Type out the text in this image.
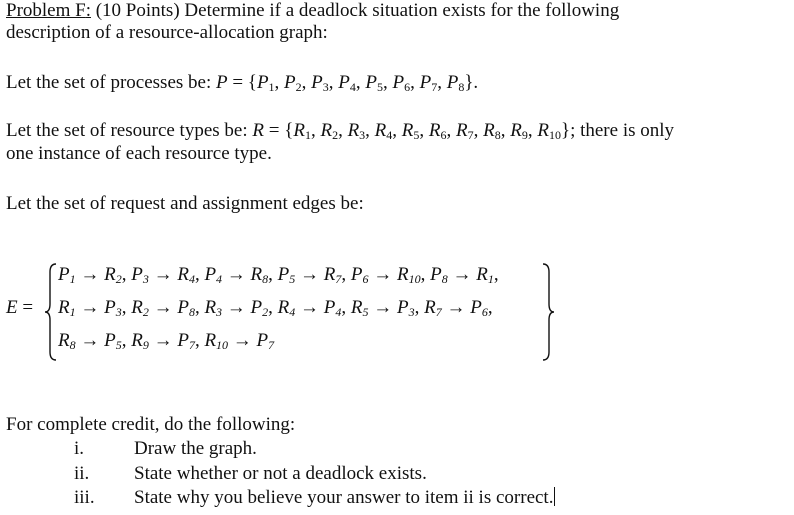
Problem F: (10 Points) Determine if a deadlock situation exists for the following
description of a resource-allocation graph:
Let the set of processes be: $P = \{P_1$, $P_2$, $P_3$, $P_4$, $P_5$, $P_6$, $P_7$, $P_8$}.
Let the set of resource types be: $R = \{R_1$, $R_2$, $R_3$, $R_4$, $R_5$, $R_6$, $R_7$, $R_8$, $R_9$, $R_{10}$}; there is only
one instance of each resource type.
Let the set of request and assignment edges be:
E =
$P_1 \to R_2$, $P_3 \to R_4$, $P_4 \to R_8$, $P_5 \to R_7$, $P_6 \to R_{10}$, $P_8 \to R_1$,
$R_1 \to P_3$, $R_2 \to P_8$, $R_3 \to P_2$, $R_4 \to P_4$, $R_5 \to P_3$, $R_7 \to P_6$,
$R_8 \to P_5$, $R_9 \to P_7$, $R_{10} \to P_7$
For complete credit, do the following:
i.	Draw the graph.
ii. State whether or not a deadlock exists.
iii. State why you believe your answer to item ii is correct.
